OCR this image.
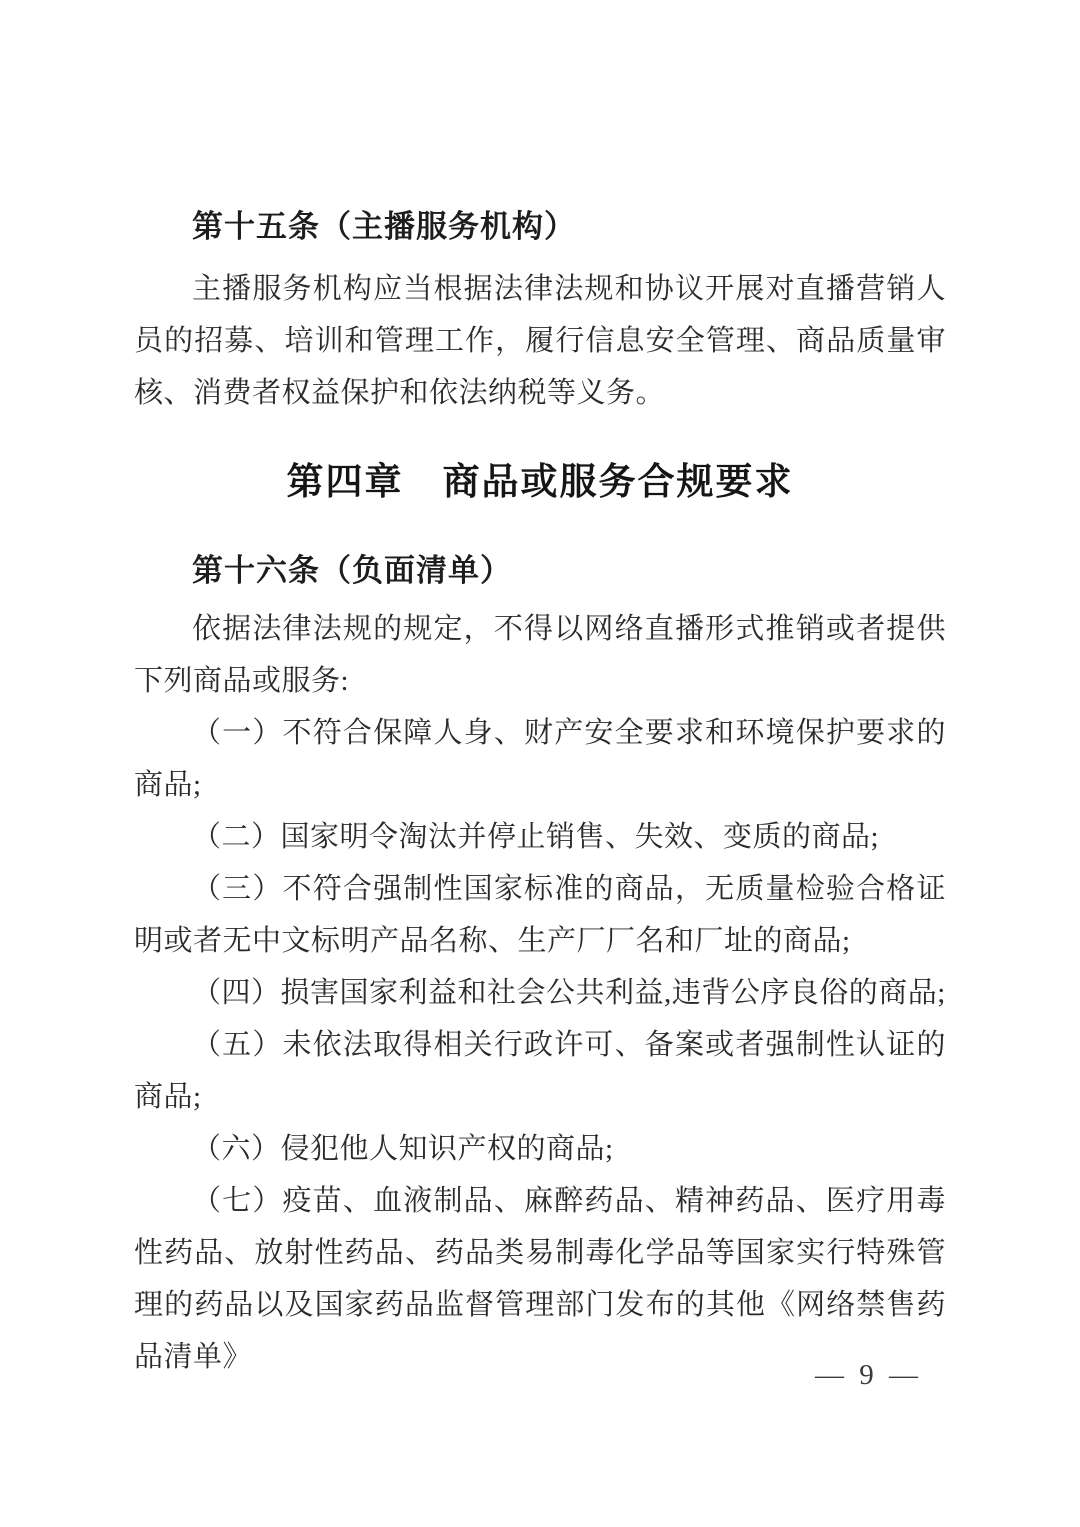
第十五条（主播服务机构）

主播服务机构应当根据法律法规和协议开展对直播营销人员的招募、培训和管理工作，履行信息安全管理、商品质量审核、消费者权益保护和依法纳税等义务。

第四章　商品或服务合规要求
第十六条（负面清单）

依据法律法规的规定，不得以网络直播形式推销或者提供下列商品或服务:

（一）不符合保障人身、财产安全要求和环境保护要求的商品;

（二）国家明令淘汰并停止销售、失效、变质的商品;

（三）不符合强制性国家标准的商品，无质量检验合格证明或者无中文标明产品名称、生产厂厂名和厂址的商品;

（四）损害国家利益和社会公共利益,违背公序良俗的商品;

（五）未依法取得相关行政许可、备案或者强制性认证的商品;

（六）侵犯他人知识产权的商品;

（七）疫苗、血液制品、麻醉药品、精神药品、医疗用毒性药品、放射性药品、药品类易制毒化学品等国家实行特殊管理的药品以及国家药品监督管理部门发布的其他《网络禁售药品清单》

— 9 —
